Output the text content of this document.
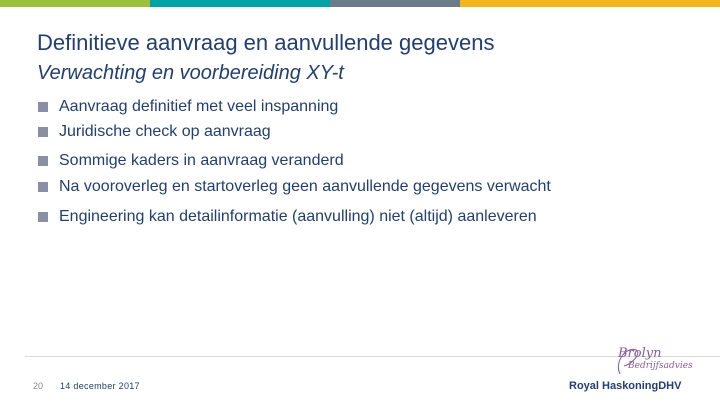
Definitieve aanvraag en aanvullende gegevens
Verwachting en voorbereiding XY-t
Aanvraag definitief met veel inspanning
Juridische check op aanvraag
Sommige kaders in aanvraag veranderd
Na vooroverleg en startoverleg geen aanvullende gegevens verwacht
Engineering kan detailinformatie (aanvulling) niet (altijd) aanleveren
20 14 december 2017
Brolyn
Bedrijfsadvies
Royal HaskoningDHV
